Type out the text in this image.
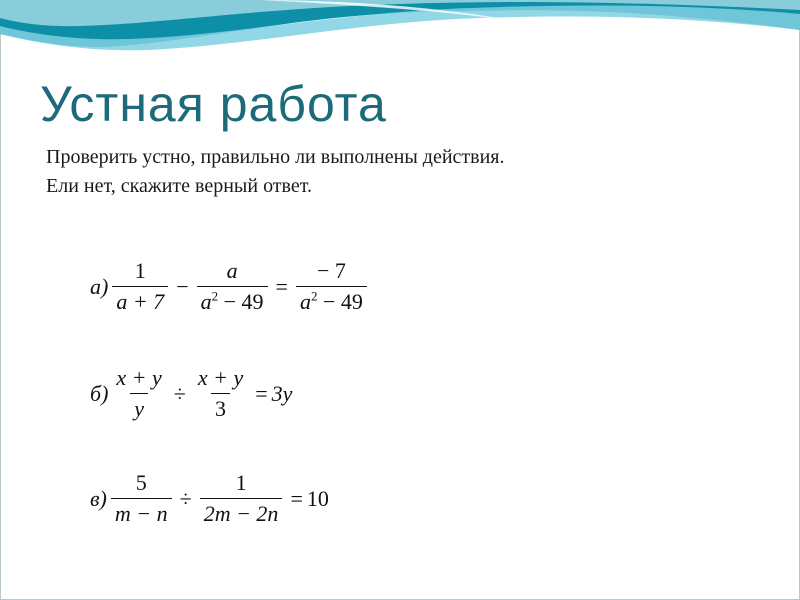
Устная работа
Проверить устно, правильно ли выполнены действия.
Ели нет, скажите верный ответ.
$а) \frac{1}{a + 7} - \frac{a}{a^2 - 49} = \frac{- 7}{a^2 - 49}$
$б) \frac{x + y}{y} \div \frac{x + y}{3} = 3y$
$в) \frac{5}{m - n} \div \frac{1}{2m - 2n} = 10$
